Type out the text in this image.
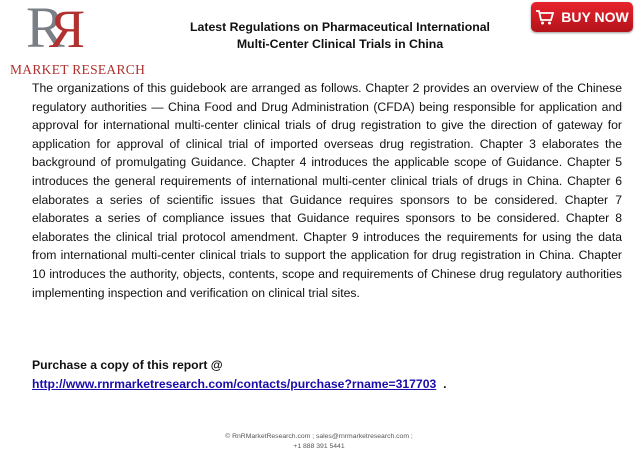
RR
MARKET RESEARCH
Latest Regulations on Pharmaceutical International
Multi-Center Clinical Trials in China
BUY NOW

The organizations of this guidebook are arranged as follows. Chapter 2 provides an overview of the Chinese regulatory authorities — China Food and Drug Administration (CFDA) being responsible for application and approval for international multi-center clinical trials of drug registration to give the direction of gateway for application for approval of clinical trial of imported overseas drug registration. Chapter 3 elaborates the background of promulgating Guidance. Chapter 4 introduces the applicable scope of Guidance. Chapter 5 introduces the general requirements of international multi-center clinical trials of drugs in China. Chapter 6 elaborates a series of scientific issues that Guidance requires sponsors to be considered. Chapter 7 elaborates a series of compliance issues that Guidance requires sponsors to be considered. Chapter 8 elaborates the clinical trial protocol amendment. Chapter 9 introduces the requirements for using the data from international multi-center clinical trials to support the application for drug registration in China. Chapter 10 introduces the authority, objects, contents, scope and requirements of Chinese drug regulatory authorities implementing inspection and verification on clinical trial sites.

Purchase a copy of this report @
http://www.rnrmarketresearch.com/contacts/purchase?rname=317703 .
© RnRMarketResearch.com ; sales@rnrmarketresearch.com ;
+1 888 391 5441
